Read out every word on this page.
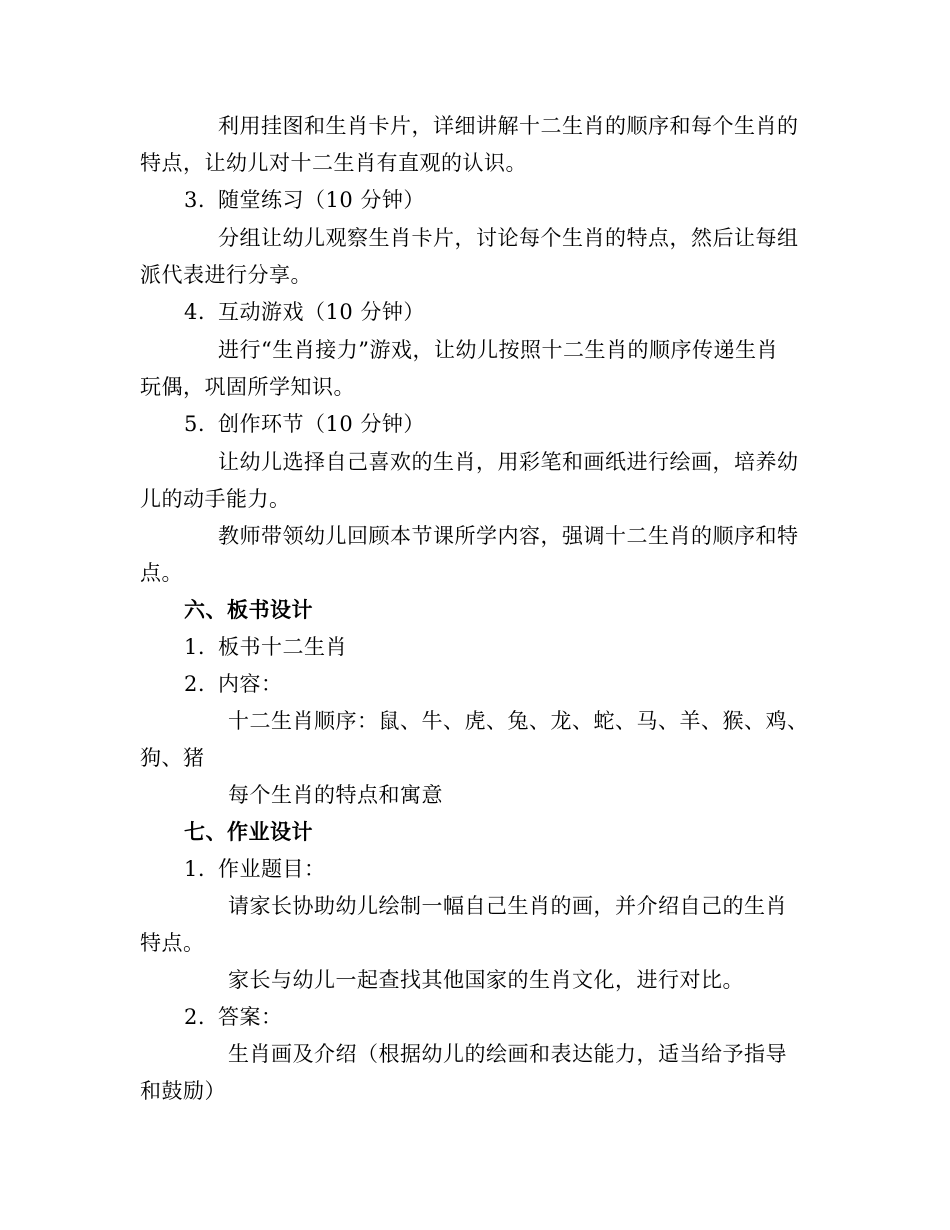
利用挂图和生肖卡片，详细讲解十二生肖的顺序和每个生肖的
特点，让幼儿对十二生肖有直观的认识。
3. 随堂练习（10 分钟）
分组让幼儿观察生肖卡片，讨论每个生肖的特点，然后让每组
派代表进行分享。
4. 互动游戏（10 分钟）
进行“生肖接力”游戏，让幼儿按照十二生肖的顺序传递生肖
玩偶，巩固所学知识。
5. 创作环节（10 分钟）
让幼儿选择自己喜欢的生肖，用彩笔和画纸进行绘画，培养幼
儿的动手能力。
教师带领幼儿回顾本节课所学内容，强调十二生肖的顺序和特
点。
六、板书设计
1. 板书十二生肖
2. 内容：
十二生肖顺序：鼠、牛、虎、兔、龙、蛇、马、羊、猴、鸡、
狗、猪
每个生肖的特点和寓意
七、作业设计
1. 作业题目：
请家长协助幼儿绘制一幅自己生肖的画，并介绍自己的生肖
特点。
家长与幼儿一起查找其他国家的生肖文化，进行对比。
2. 答案：
生肖画及介绍（根据幼儿的绘画和表达能力，适当给予指导
和鼓励）
